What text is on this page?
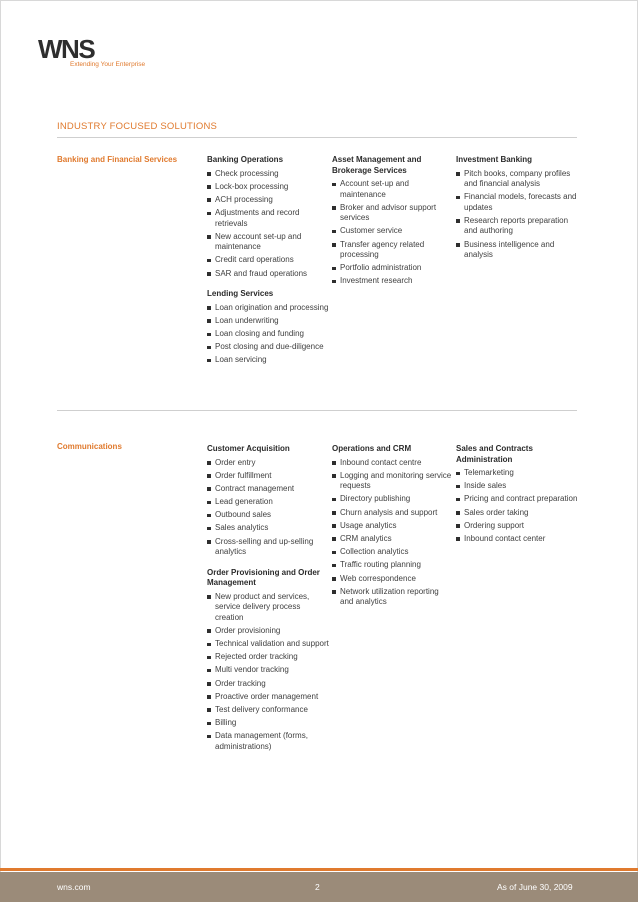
WNS
Extending Your Enterprise
INDUSTRY FOCUSED SOLUTIONS
Banking and Financial Services	Banking Operations
Check processing
Lock-box processing
ACH processing
Adjustments and record retrievals
New account set-up and maintenance
Credit card operations
SAR and fraud operations
Lending Services
Loan origination and processing
Loan underwriting
Loan closing and funding
Post closing and due-diligence
Loan servicing
Asset Management and Brokerage Services
Account set-up and maintenance
Broker and advisor support services
Customer service
Transfer agency related processing
Portfolio administration
Investment research
Investment Banking
Pitch books, company profiles and financial analysis
Financial models, forecasts and updates
Research reports preparation and authoring
Business intelligence and analysis
Communications	Customer Acquisition
Order entry
Order fulfillment
Contract management
Lead generation
Outbound sales
Sales analytics
Cross-selling and up-selling analytics
Order Provisioning and Order Management
New product and services, service delivery process creation
Order provisioning
Technical validation and support
Rejected order tracking
Multi vendor tracking
Order tracking
Proactive order management
Test delivery conformance
Billing
Data management (forms, administrations)
Operations and CRM
Inbound contact centre
Logging and monitoring service requests
Directory publishing
Churn analysis and support
Usage analytics
CRM analytics
Collection analytics
Traffic routing planning
Web correspondence
Network utilization reporting and analytics
Sales and Contracts Administration
Telemarketing
Inside sales
Pricing and contract preparation
Sales order taking
Ordering support
Inbound contact center
wns.com	2	As of June 30, 2009
